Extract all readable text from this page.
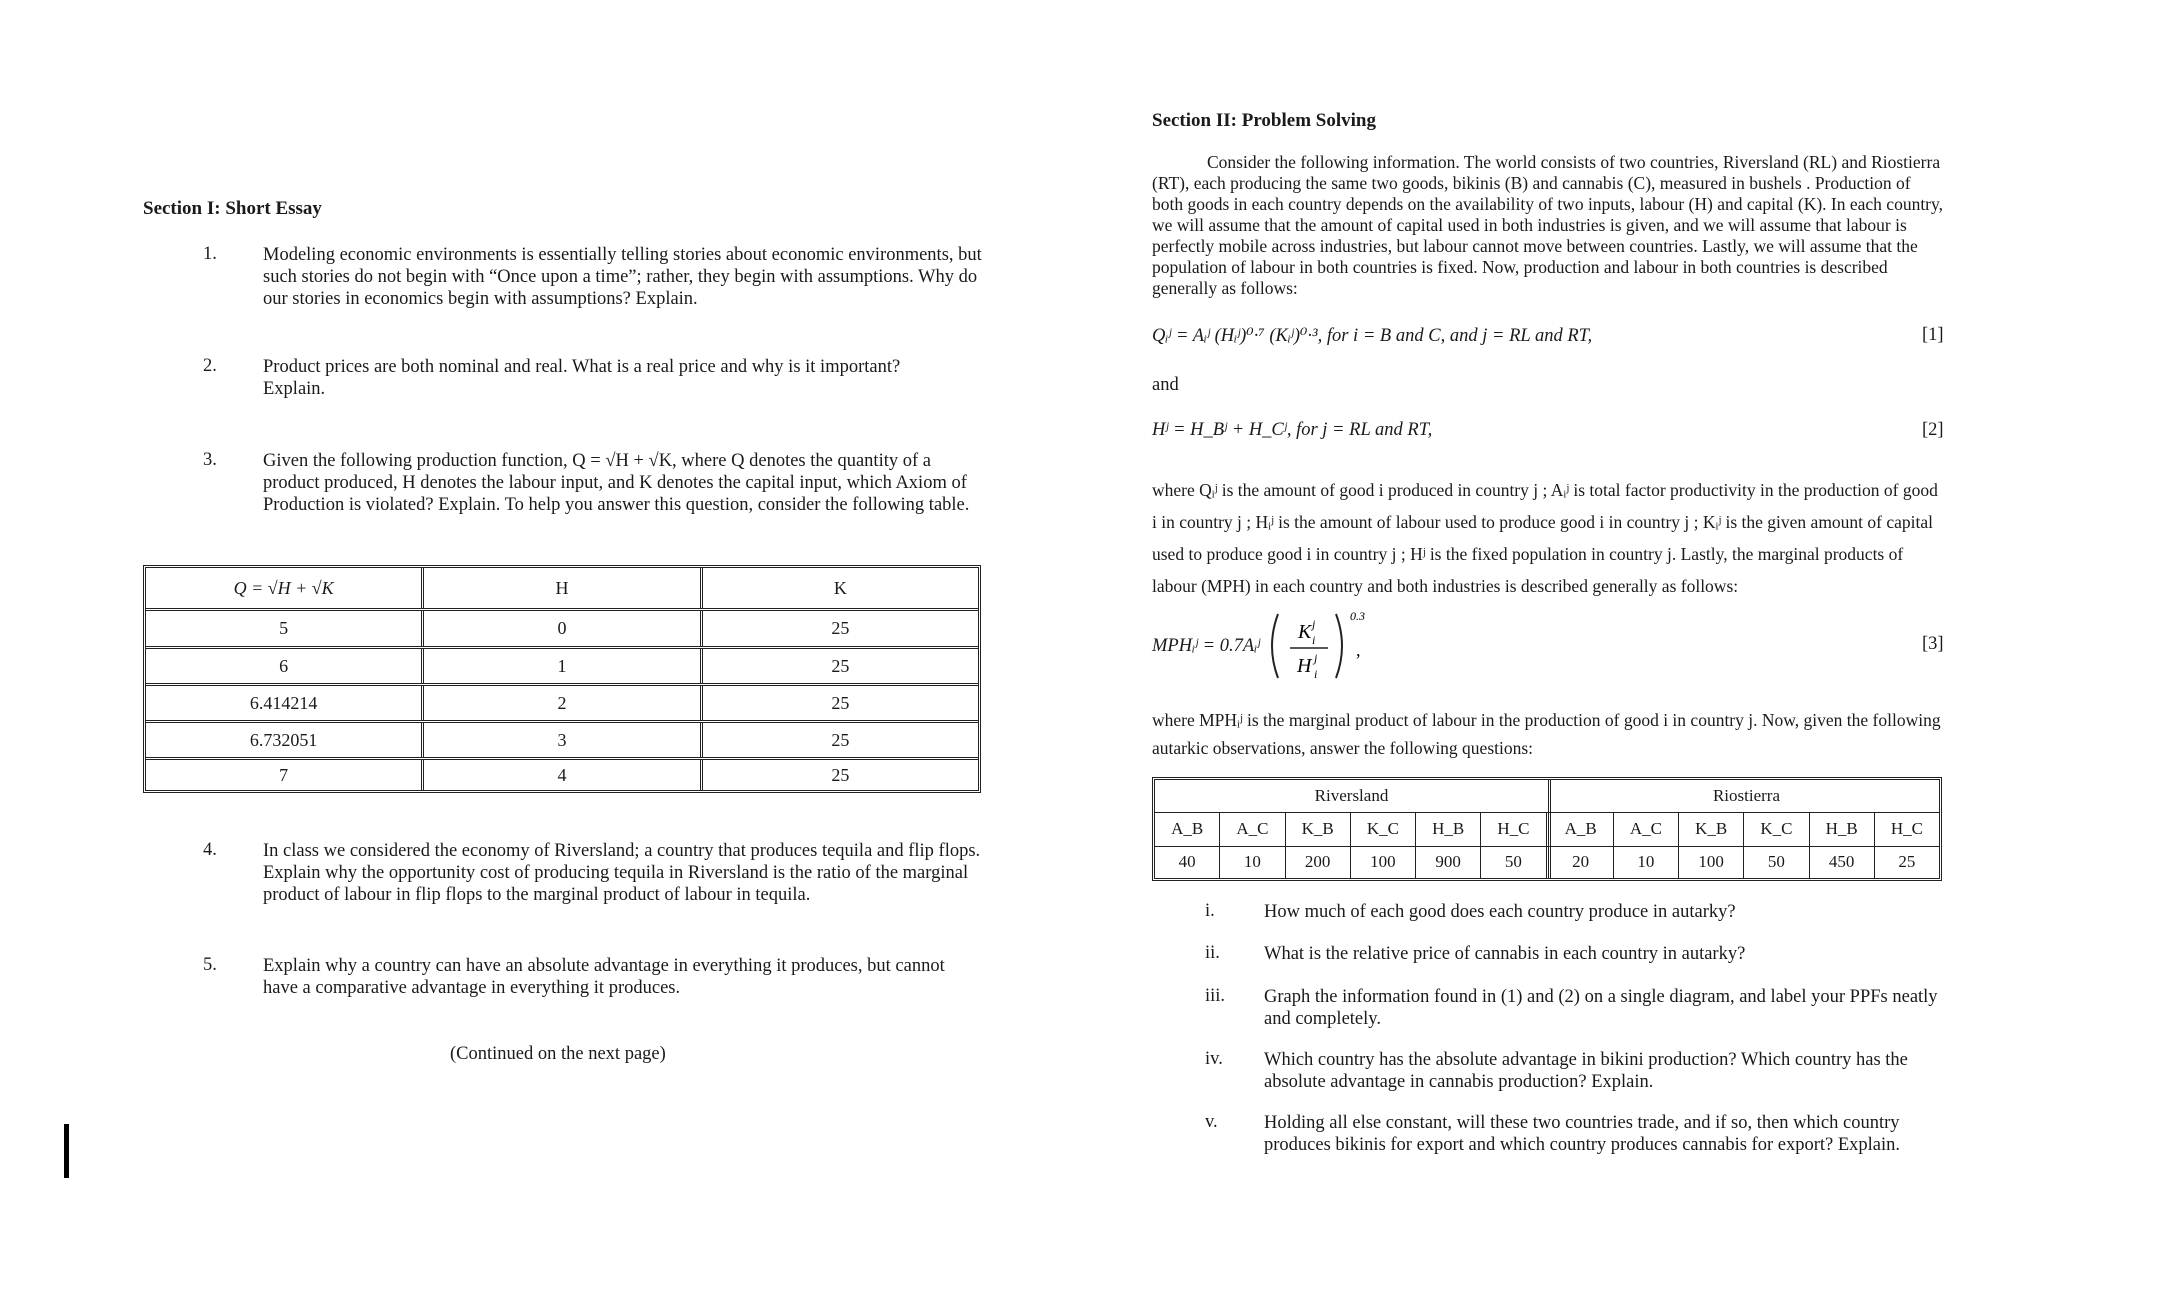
Section I: Short Essay
1. Modeling economic environments is essentially telling stories about economic environments, but such stories do not begin with “Once upon a time”; rather, they begin with assumptions. Why do our stories in economics begin with assumptions? Explain.
2. Product prices are both nominal and real. What is a real price and why is it important? Explain.
3. Given the following production function, Q = √H + √K, where Q denotes the quantity of a product produced, H denotes the labour input, and K denotes the capital input, which Axiom of Production is violated? Explain. To help you answer this question, consider the following table.
Q = √H + √K	H	K
5	0	25
6	1	25
6.414214	2	25
6.732051	3	25
7	4	25
4. In class we considered the economy of Riversland; a country that produces tequila and flip flops. Explain why the opportunity cost of producing tequila in Riversland is the ratio of the marginal product of labour in flip flops to the marginal product of labour in tequila.
5. Explain why a country can have an absolute advantage in everything it produces, but cannot have a comparative advantage in everything it produces.
(Continued on the next page)
Section II: Problem Solving
Consider the following information. The world consists of two countries, Riversland (RL) and Riostierra (RT), each producing the same two goods, bikinis (B) and cannabis (C), measured in bushels . Production of both goods in each country depends on the availability of two inputs, labour (H) and capital (K). In each country, we will assume that the amount of capital used in both industries is given, and we will assume that labour is perfectly mobile across industries, but labour cannot move between countries. Lastly, we will assume that the population of labour in both countries is fixed. Now, production and labour in both countries is described generally as follows:
Qᵢʲ = Aᵢʲ (Hᵢʲ)⁰·⁷ (Kᵢʲ)⁰·³, for i = B and C, and j = RL and RT,	[1]
and
Hʲ = H_Bʲ + H_Cʲ, for j = RL and RT,	[2]
where Qᵢʲ is the amount of good i produced in country j ; Aᵢʲ is total factor productivity in the production of good i in country j ; Hᵢʲ is the amount of labour used to produce good i in country j ; Kᵢʲ is the given amount of capital used to produce good i in country j ; Hʲ is the fixed population in country j. Lastly, the marginal products of labour (MPH) in each country and both industries is described generally as follows:
MPHᵢʲ = 0.7Aᵢʲ
K j
i
H j
i
0.3
,	[3]
where MPHᵢʲ is the marginal product of labour in the production of good i in country j. Now, given the following autarkic observations, answer the following questions:
Riversland	Riostierra
A_B	A_C	K_B	K_C	H_B	H_C	A_B	A_C	K_B	K_C	H_B	H_C
40	10	200	100	900	50	20	10	100	50	450	25
i.	How much of each good does each country produce in autarky?
ii. What is the relative price of cannabis in each country in autarky?
iii. Graph the information found in (1) and (2) on a single diagram, and label your PPFs neatly and completely.
iv. Which country has the absolute advantage in bikini production? Which country has the absolute advantage in cannabis production? Explain.
v.	Holding all else constant, will these two countries trade, and if so, then which country produces bikinis for export and which country produces cannabis for export? Explain.
